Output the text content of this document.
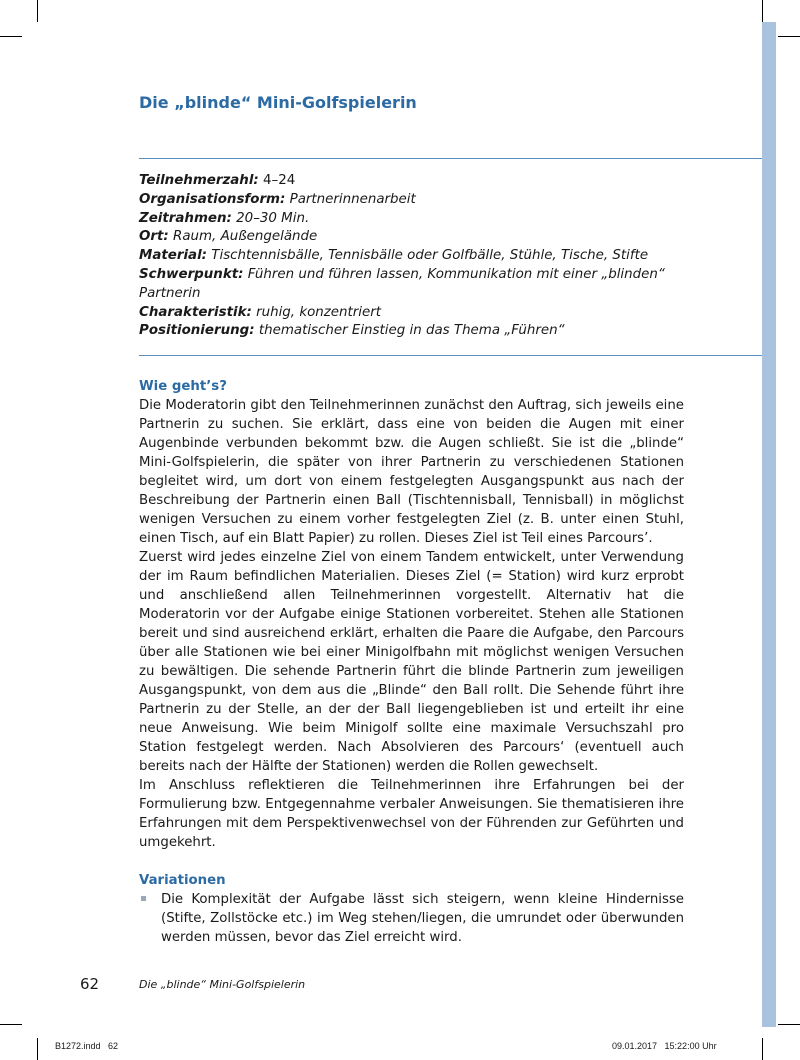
Die „blinde“ Mini-Golfspielerin
Teilnehmerzahl: 4–24
Organisationsform: Partnerinnenarbeit
Zeitrahmen: 20–30 Min.
Ort: Raum, Außengelände
Material: Tischtennisbälle, Tennisbälle oder Golfbälle, Stühle, Tische, Stifte
Schwerpunkt: Führen und führen lassen, Kommunikation mit einer „blinden“ Partnerin
Charakteristik: ruhig, konzentriert
Positionierung: thematischer Einstieg in das Thema „Führen“

Wie geht’s?

Die Moderatorin gibt den Teilnehmerinnen zunächst den Auftrag, sich jeweils eine Partnerin zu suchen. Sie erklärt, dass eine von beiden die Augen mit einer Augenbinde verbunden bekommt bzw. die Augen schließt. Sie ist die „blinde“ Mini-Golfspielerin, die später von ihrer Partnerin zu verschiedenen Stationen begleitet wird, um dort von einem festgelegten Ausgangspunkt aus nach der Beschreibung der Partnerin einen Ball (Tischtennisball, Tennisball) in möglichst wenigen Versuchen zu einem vorher festgelegten Ziel (z. B. unter einen Stuhl, einen Tisch, auf ein Blatt Papier) zu rollen. Dieses Ziel ist Teil eines Parcours’.

Zuerst wird jedes einzelne Ziel von einem Tandem entwickelt, unter Verwendung der im Raum befindlichen Materialien. Dieses Ziel (= Station) wird kurz erprobt und anschließend allen Teilnehmerinnen vorgestellt. Alternativ hat die Moderatorin vor der Aufgabe einige Stationen vorbereitet. Stehen alle Stationen bereit und sind ausreichend erklärt, erhalten die Paare die Aufgabe, den Parcours über alle Stationen wie bei einer Minigolfbahn mit möglichst wenigen Versuchen zu bewältigen. Die sehende Partnerin führt die blinde Partnerin zum jeweiligen Ausgangspunkt, von dem aus die „Blinde“ den Ball rollt. Die Sehende führt ihre Partnerin zu der Stelle, an der der Ball liegengeblieben ist und erteilt ihr eine neue Anweisung. Wie beim Minigolf sollte eine maximale Versuchszahl pro Station festgelegt werden. Nach Absolvieren des Parcours‘ (eventuell auch bereits nach der Hälfte der Stationen) werden die Rollen gewechselt.

Im Anschluss reflektieren die Teilnehmerinnen ihre Erfahrungen bei der Formulierung bzw. Entgegennahme verbaler Anweisungen. Sie thematisieren ihre Erfahrungen mit dem Perspektivenwechsel von der Führenden zur Geführten und umgekehrt.

Variationen

Die Komplexität der Aufgabe lässt sich steigern, wenn kleine Hindernisse (Stifte, Zollstöcke etc.) im Weg stehen/liegen, die umrundet oder überwunden werden müssen, bevor das Ziel erreicht wird.
62	Die „blinde“ Mini-Golfspielerin
B1272.indd   62	09.01.2017   15:22:00 Uhr
